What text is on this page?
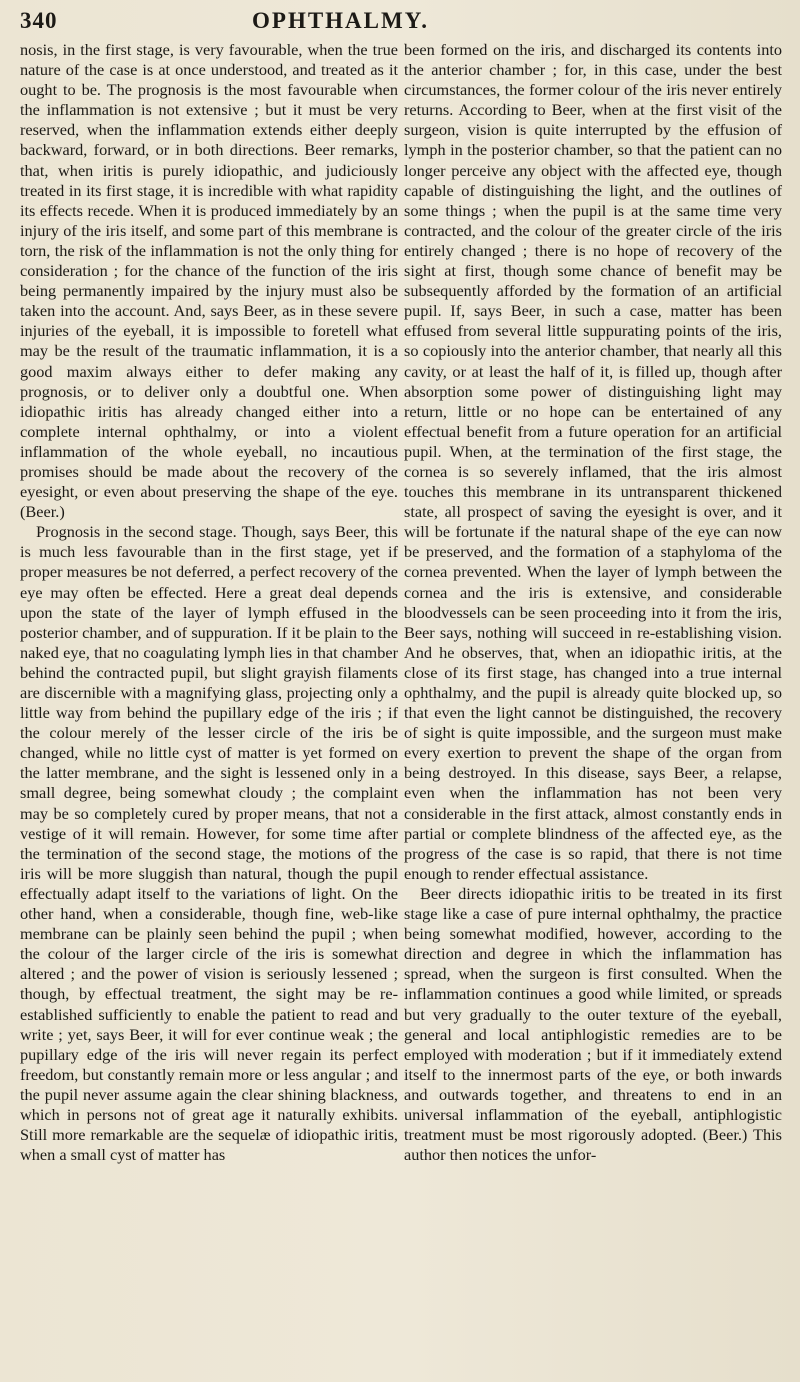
340	OPHTHALMY.

nosis, in the first stage, is very favourable, when the true nature of the case is at once understood, and treated as it ought to be. The prognosis is the most favourable when the inflammation is not extensive ; but it must be very reserved, when the inflammation extends either deeply backward, forward, or in both directions. Beer remarks, that, when iritis is purely idiopathic, and judiciously treated in its first stage, it is incredible with what rapidity its effects recede. When it is produced immediately by an injury of the iris itself, and some part of this membrane is torn, the risk of the inflammation is not the only thing for consideration ; for the chance of the function of the iris being permanently impaired by the injury must also be taken into the account. And, says Beer, as in these severe injuries of the eyeball, it is impossible to foretell what may be the result of the traumatic inflammation, it is a good maxim always either to defer making any prognosis, or to deliver only a doubtful one. When idiopathic iritis has already changed either into a complete internal ophthalmy, or into a violent inflammation of the whole eyeball, no incautious promises should be made about the recovery of the eyesight, or even about preserving the shape of the eye. (Beer.)

Prognosis in the second stage. Though, says Beer, this is much less favourable than in the first stage, yet if proper measures be not deferred, a perfect recovery of the eye may often be effected. Here a great deal depends upon the state of the layer of lymph effused in the posterior chamber, and of suppuration. If it be plain to the naked eye, that no coagulating lymph lies in that chamber behind the contracted pupil, but slight grayish filaments are discernible with a magnifying glass, projecting only a little way from behind the pupillary edge of the iris ; if the colour merely of the lesser circle of the iris be changed, while no little cyst of matter is yet formed on the latter membrane, and the sight is lessened only in a small degree, being somewhat cloudy ; the complaint may be so completely cured by proper means, that not a vestige of it will remain. However, for some time after the termination of the second stage, the motions of the iris will be more sluggish than natural, though the pupil effectually adapt itself to the variations of light. On the other hand, when a considerable, though fine, web-like membrane can be plainly seen behind the pupil ; when the colour of the larger circle of the iris is somewhat altered ; and the power of vision is seriously lessened ; though, by effectual treatment, the sight may be re-established sufficiently to enable the patient to read and write ; yet, says Beer, it will for ever continue weak ; the pupillary edge of the iris will never regain its perfect freedom, but constantly remain more or less angular ; and the pupil never assume again the clear shining blackness, which in persons not of great age it naturally exhibits. Still more remarkable are the sequelæ of idiopathic iritis, when a small cyst of matter has

been formed on the iris, and discharged its contents into the anterior chamber ; for, in this case, under the best circumstances, the former colour of the iris never entirely returns. According to Beer, when at the first visit of the surgeon, vision is quite interrupted by the effusion of lymph in the posterior chamber, so that the patient can no longer perceive any object with the affected eye, though capable of distinguishing the light, and the outlines of some things ; when the pupil is at the same time very contracted, and the colour of the greater circle of the iris entirely changed ; there is no hope of recovery of the sight at first, though some chance of benefit may be subsequently afforded by the formation of an artificial pupil. If, says Beer, in such a case, matter has been effused from several little suppurating points of the iris, so copiously into the anterior chamber, that nearly all this cavity, or at least the half of it, is filled up, though after absorption some power of distinguishing light may return, little or no hope can be entertained of any effectual benefit from a future operation for an artificial pupil. When, at the termination of the first stage, the cornea is so severely inflamed, that the iris almost touches this membrane in its untransparent thickened state, all prospect of saving the eyesight is over, and it will be fortunate if the natural shape of the eye can now be preserved, and the formation of a staphyloma of the cornea prevented. When the layer of lymph between the cornea and the iris is extensive, and considerable bloodvessels can be seen proceeding into it from the iris, Beer says, nothing will succeed in re-establishing vision. And he observes, that, when an idiopathic iritis, at the close of its first stage, has changed into a true internal ophthalmy, and the pupil is already quite blocked up, so that even the light cannot be distinguished, the recovery of sight is quite impossible, and the surgeon must make every exertion to prevent the shape of the organ from being destroyed. In this disease, says Beer, a relapse, even when the inflammation has not been very considerable in the first attack, almost constantly ends in partial or complete blindness of the affected eye, as the progress of the case is so rapid, that there is not time enough to render effectual assistance.

Beer directs idiopathic iritis to be treated in its first stage like a case of pure internal ophthalmy, the practice being somewhat modified, however, according to the direction and degree in which the inflammation has spread, when the surgeon is first consulted. When the inflammation continues a good while limited, or spreads but very gradually to the outer texture of the eyeball, general and local antiphlogistic remedies are to be employed with moderation ; but if it immediately extend itself to the innermost parts of the eye, or both inwards and outwards together, and threatens to end in an universal inflammation of the eyeball, antiphlogistic treatment must be most rigorously adopted. (Beer.) This author then notices the unfor-
